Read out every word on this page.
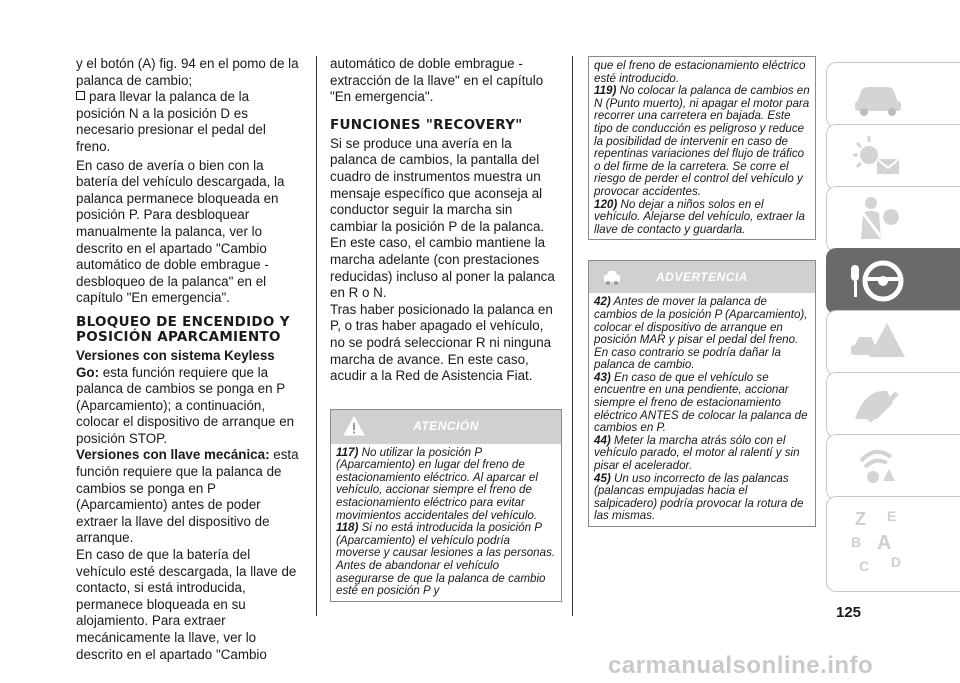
y el botón (A) fig. 94 en el pomo de la palanca de cambio;

para llevar la palanca de la posición N a la posición D es necesario presionar el pedal del freno.

En caso de avería o bien con la batería del vehículo descargada, la palanca permanece bloqueada en posición P. Para desbloquear manualmente la palanca, ver lo descrito en el apartado "Cambio automático de doble embrague - desbloqueo de la palanca" en el capítulo "En emergencia".

BLOQUEO DE ENCENDIDO Y POSICIÓN APARCAMIENTO

Versiones con sistema Keyless Go: esta función requiere que la palanca de cambios se ponga en P (Aparcamiento); a continuación, colocar el dispositivo de arranque en posición STOP.

Versiones con llave mecánica: esta función requiere que la palanca de cambios se ponga en P (Aparcamiento) antes de poder extraer la llave del dispositivo de arranque.

En caso de que la batería del vehículo esté descargada, la llave de contacto, si está introducida, permanece bloqueada en su alojamiento. Para extraer mecánicamente la llave, ver lo descrito en el apartado "Cambio

automático de doble embrague - extracción de la llave" en el capítulo "En emergencia".

FUNCIONES "RECOVERY"

Si se produce una avería en la palanca de cambios, la pantalla del cuadro de instrumentos muestra un mensaje específico que aconseja al conductor seguir la marcha sin cambiar la posición P de la palanca.

En este caso, el cambio mantiene la marcha adelante (con prestaciones reducidas) incluso al poner la palanca en R o N.

Tras haber posicionado la palanca en P, o tras haber apagado el vehículo, no se podrá seleccionar R ni ninguna marcha de avance. En este caso, acudir a la Red de Asistencia Fiat.

ATENCIÓN
117) No utilizar la posición P (Aparcamiento) en lugar del freno de estacionamiento eléctrico. Al aparcar el vehículo, accionar siempre el freno de estacionamiento eléctrico para evitar movimientos accidentales del vehículo.
118) Si no está introducida la posición P (Aparcamiento) el vehículo podría moverse y causar lesiones a las personas. Antes de abandonar el vehículo asegurarse de que la palanca de cambio esté en posición P y
que el freno de estacionamiento eléctrico esté introducido.
119) No colocar la palanca de cambios en N (Punto muerto), ni apagar el motor para recorrer una carretera en bajada. Este tipo de conducción es peligroso y reduce la posibilidad de intervenir en caso de repentinas variaciones del flujo de tráfico o del firme de la carretera. Se corre el riesgo de perder el control del vehículo y provocar accidentes.
120) No dejar a niños solos en el vehículo. Alejarse del vehículo, extraer la llave de contacto y guardarla.
ADVERTENCIA
42) Antes de mover la palanca de cambios de la posición P (Aparcamiento), colocar el dispositivo de arranque en posición MAR y pisar el pedal del freno. En caso contrario se podría dañar la palanca de cambio.
43) En caso de que el vehículo se encuentre en una pendiente, accionar siempre el freno de estacionamiento eléctrico ANTES de colocar la palanca de cambios en P.
44) Meter la marcha atrás sólo con el vehículo parado, el motor al ralentí y sin pisar el acelerador.
45) Un uso incorrecto de las palancas (palancas empujadas hacia el salpicadero) podría provocar la rotura de las mismas.	Z E
B A
C D
125
carmanualsonline.info
